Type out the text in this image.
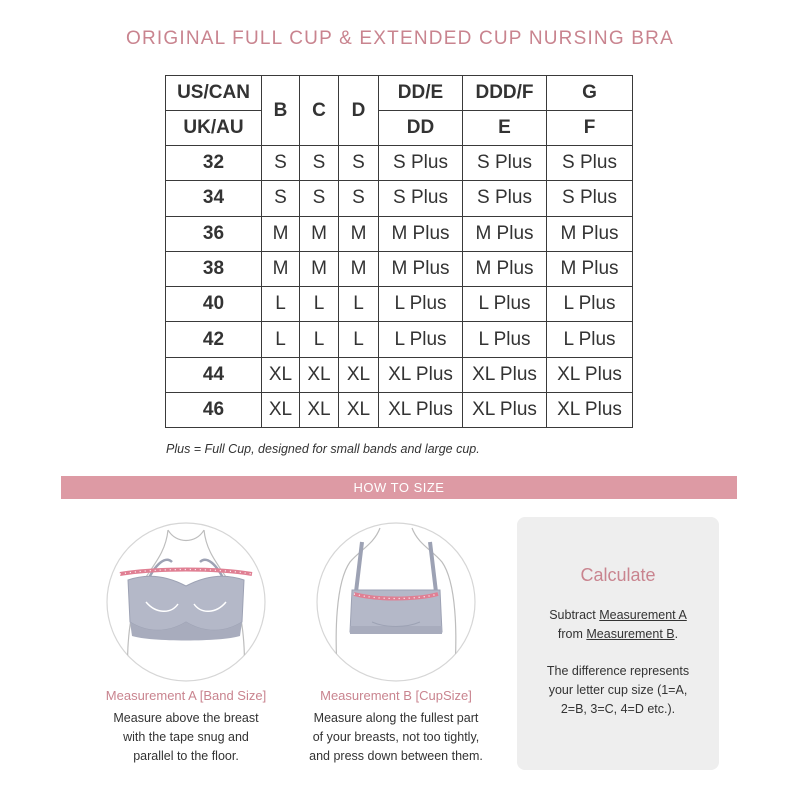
ORIGINAL FULL CUP & EXTENDED CUP NURSING BRA
US/CAN	B	C	D	DD/E	DDD/F	G
UK/AU				DD	E	F
32	S	S	S	S Plus	S Plus	S Plus
34	S	S	S	S Plus	S Plus	S Plus
36	M	M	M	M Plus	M Plus	M Plus
38	M	M	M	M Plus	M Plus	M Plus
40	L	L	L	L Plus	L Plus	L Plus
42	L	L	L	L Plus	L Plus	L Plus
44	XL	XL	XL	XL Plus	XL Plus	XL Plus
46	XL	XL	XL	XL Plus	XL Plus	XL Plus
Plus = Full Cup, designed for small bands and large cup.
HOW TO SIZE
Measurement A [Band Size]
Measure above the breast
with the tape snug and
parallel to the floor.
Measurement B [CupSize]
Measure along the fullest part
of your breasts, not too tightly,
and press down between them.
Calculate
Subtract Measurement A
from Measurement B.
The difference represents
your letter cup size (1=A,
2=B, 3=C, 4=D etc.).
